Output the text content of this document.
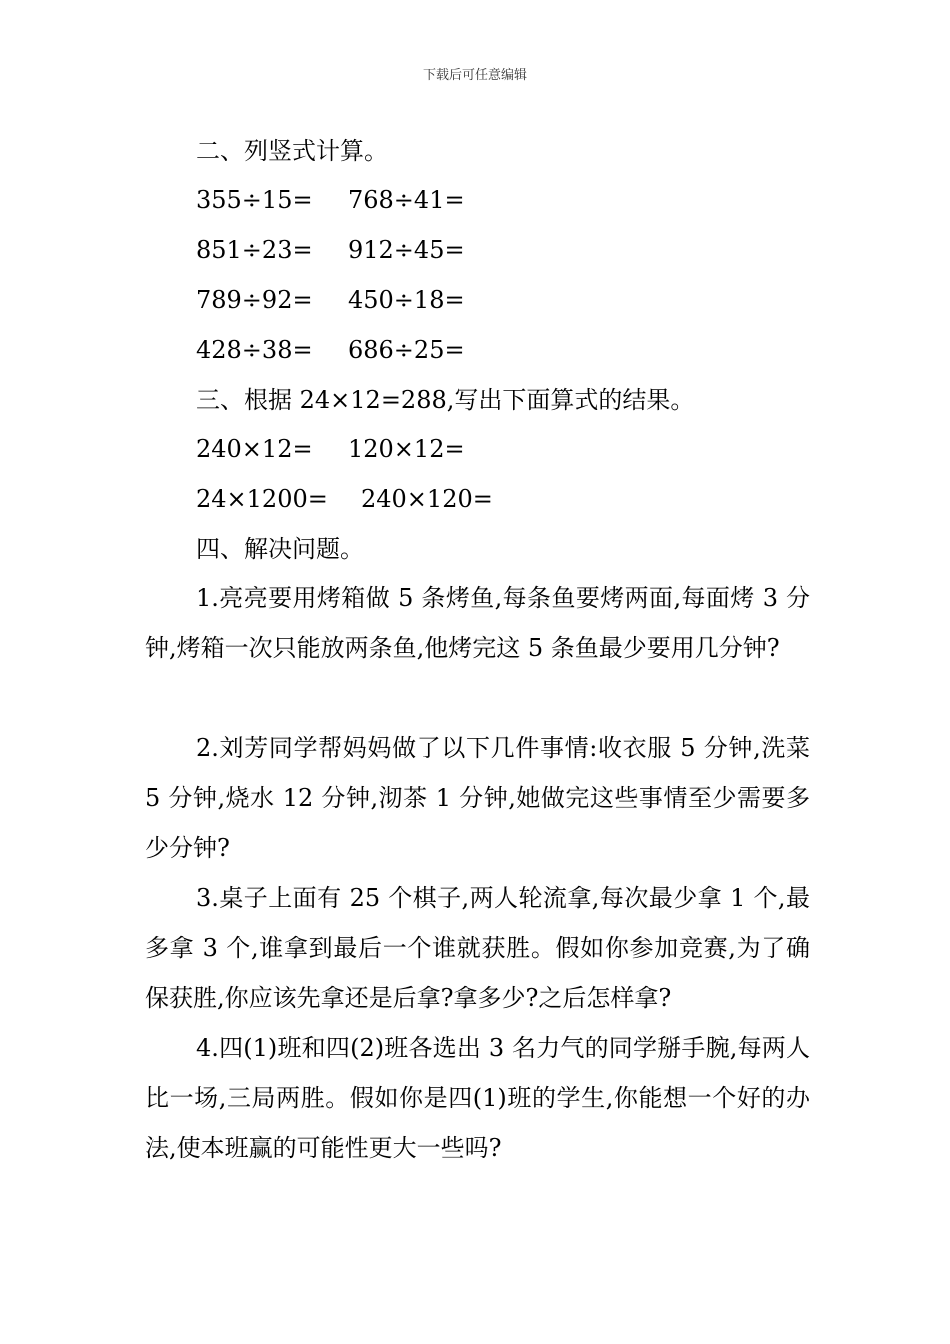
下载后可任意编辑
二、列竖式计算。
355÷15= 768÷41=
851÷23= 912÷45=
789÷92= 450÷18=
428÷38= 686÷25=
三、根据 24×12=288,写出下面算式的结果。
240×12= 120×12=
24×1200= 240×120=
四、解决问题。
1.亮亮要用烤箱做 5 条烤鱼,每条鱼要烤两面,每面烤 3 分钟,烤箱一次只能放两条鱼,他烤完这 5 条鱼最少要用几分钟?
2.刘芳同学帮妈妈做了以下几件事情:收衣服 5 分钟,洗菜 5 分钟,烧水 12 分钟,沏茶 1 分钟,她做完这些事情至少需要多少分钟?
3.桌子上面有 25 个棋子,两人轮流拿,每次最少拿 1 个,最多拿 3 个,谁拿到最后一个谁就获胜。假如你参加竞赛,为了确保获胜,你应该先拿还是后拿?拿多少?之后怎样拿?
4.四(1)班和四(2)班各选出 3 名力气的同学掰手腕,每两人比一场,三局两胜。假如你是四(1)班的学生,你能想一个好的办法,使本班赢的可能性更大一些吗?
